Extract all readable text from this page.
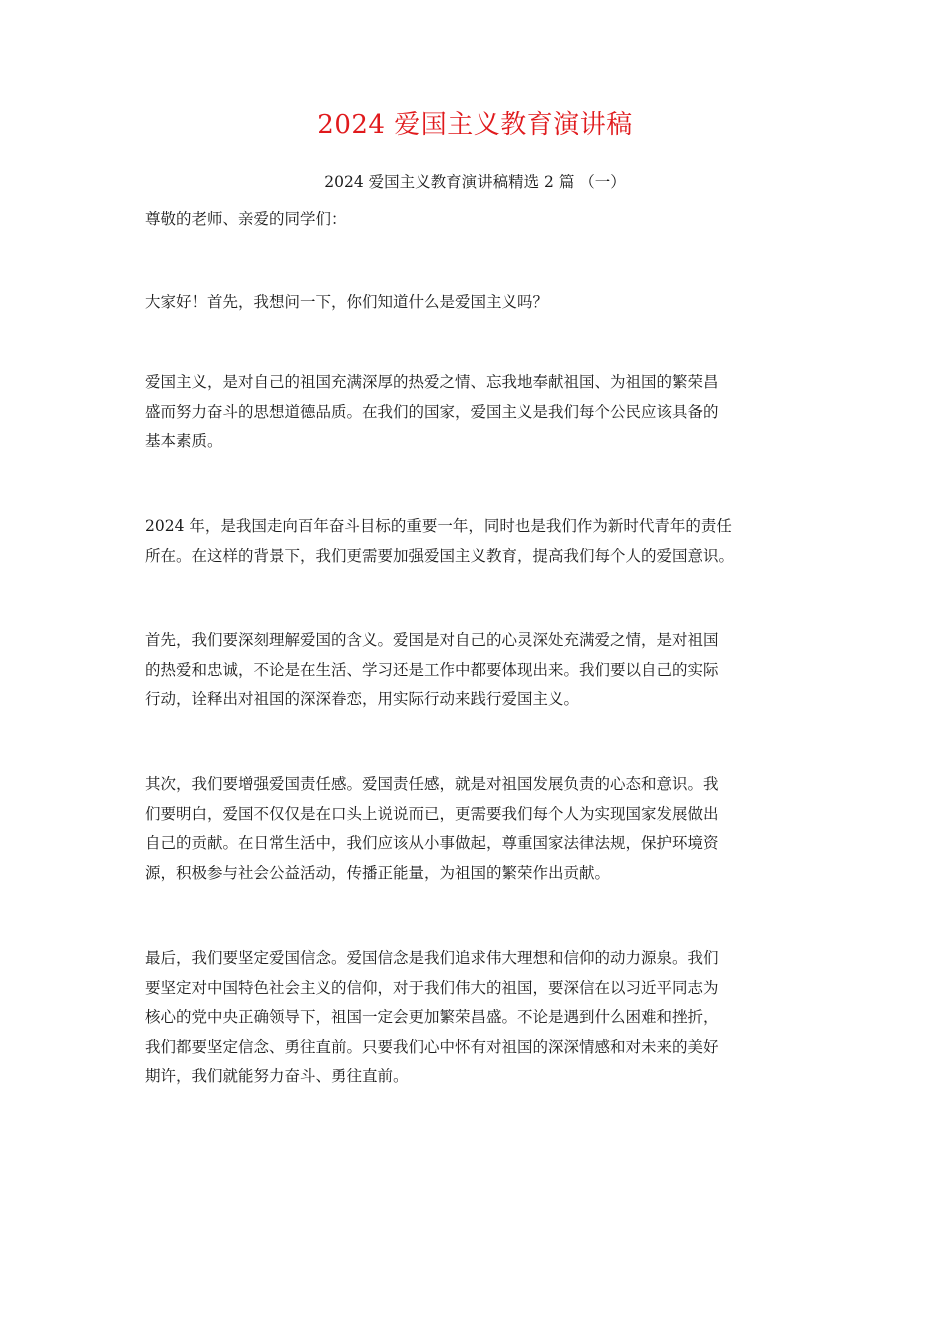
2024 爱国主义教育演讲稿
2024 爱国主义教育演讲稿精选 2 篇 （一）

尊敬的老师、亲爱的同学们：

大家好！首先，我想问一下，你们知道什么是爱国主义吗？

爱国主义，是对自己的祖国充满深厚的热爱之情、忘我地奉献祖国、为祖国的繁荣昌
盛而努力奋斗的思想道德品质。在我们的国家，爱国主义是我们每个公民应该具备的
基本素质。

2024 年，是我国走向百年奋斗目标的重要一年，同时也是我们作为新时代青年的责任
所在。在这样的背景下，我们更需要加强爱国主义教育，提高我们每个人的爱国意识。

首先，我们要深刻理解爱国的含义。爱国是对自己的心灵深处充满爱之情，是对祖国
的热爱和忠诚，不论是在生活、学习还是工作中都要体现出来。我们要以自己的实际
行动，诠释出对祖国的深深眷恋，用实际行动来践行爱国主义。

其次，我们要增强爱国责任感。爱国责任感，就是对祖国发展负责的心态和意识。我
们要明白，爱国不仅仅是在口头上说说而已，更需要我们每个人为实现国家发展做出
自己的贡献。在日常生活中，我们应该从小事做起，尊重国家法律法规，保护环境资
源，积极参与社会公益活动，传播正能量，为祖国的繁荣作出贡献。

最后，我们要坚定爱国信念。爱国信念是我们追求伟大理想和信仰的动力源泉。我们
要坚定对中国特色社会主义的信仰，对于我们伟大的祖国，要深信在以习近平同志为
核心的党中央正确领导下，祖国一定会更加繁荣昌盛。不论是遇到什么困难和挫折，
我们都要坚定信念、勇往直前。只要我们心中怀有对祖国的深深情感和对未来的美好
期许，我们就能努力奋斗、勇往直前。
